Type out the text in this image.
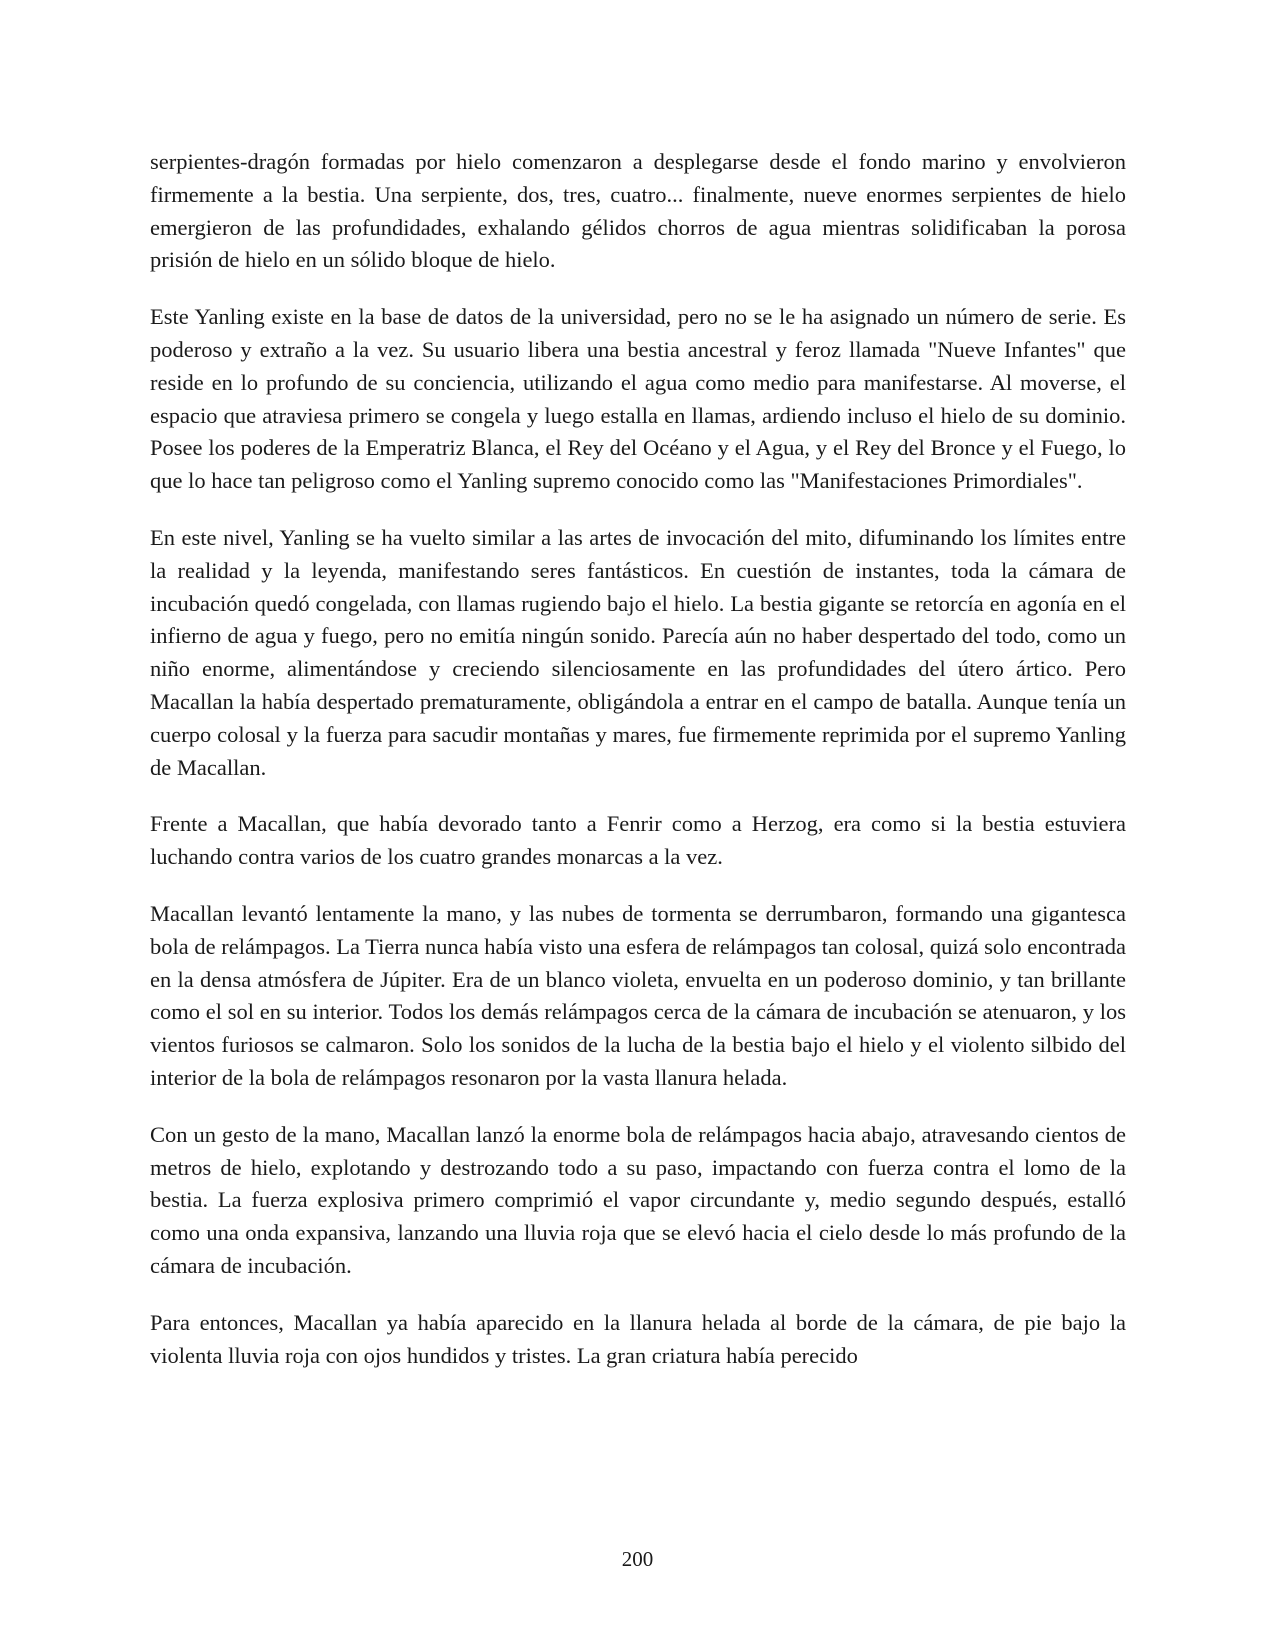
serpientes-dragón formadas por hielo comenzaron a desplegarse desde el fondo marino y envolvieron firmemente a la bestia. Una serpiente, dos, tres, cuatro... finalmente, nueve enormes serpientes de hielo emergieron de las profundidades, exhalando gélidos chorros de agua mientras solidificaban la porosa prisión de hielo en un sólido bloque de hielo.

Este Yanling existe en la base de datos de la universidad, pero no se le ha asignado un número de serie. Es poderoso y extraño a la vez. Su usuario libera una bestia ancestral y feroz llamada "Nueve Infantes" que reside en lo profundo de su conciencia, utilizando el agua como medio para manifestarse. Al moverse, el espacio que atraviesa primero se congela y luego estalla en llamas, ardiendo incluso el hielo de su dominio. Posee los poderes de la Emperatriz Blanca, el Rey del Océano y el Agua, y el Rey del Bronce y el Fuego, lo que lo hace tan peligroso como el Yanling supremo conocido como las "Manifestaciones Primordiales".

En este nivel, Yanling se ha vuelto similar a las artes de invocación del mito, difuminando los límites entre la realidad y la leyenda, manifestando seres fantásticos. En cuestión de instantes, toda la cámara de incubación quedó congelada, con llamas rugiendo bajo el hielo. La bestia gigante se retorcía en agonía en el infierno de agua y fuego, pero no emitía ningún sonido. Parecía aún no haber despertado del todo, como un niño enorme, alimentándose y creciendo silenciosamente en las profundidades del útero ártico. Pero Macallan la había despertado prematuramente, obligándola a entrar en el campo de batalla. Aunque tenía un cuerpo colosal y la fuerza para sacudir montañas y mares, fue firmemente reprimida por el supremo Yanling de Macallan.

Frente a Macallan, que había devorado tanto a Fenrir como a Herzog, era como si la bestia estuviera luchando contra varios de los cuatro grandes monarcas a la vez.

Macallan levantó lentamente la mano, y las nubes de tormenta se derrumbaron, formando una gigantesca bola de relámpagos. La Tierra nunca había visto una esfera de relámpagos tan colosal, quizá solo encontrada en la densa atmósfera de Júpiter. Era de un blanco violeta, envuelta en un poderoso dominio, y tan brillante como el sol en su interior. Todos los demás relámpagos cerca de la cámara de incubación se atenuaron, y los vientos furiosos se calmaron. Solo los sonidos de la lucha de la bestia bajo el hielo y el violento silbido del interior de la bola de relámpagos resonaron por la vasta llanura helada.

Con un gesto de la mano, Macallan lanzó la enorme bola de relámpagos hacia abajo, atravesando cientos de metros de hielo, explotando y destrozando todo a su paso, impactando con fuerza contra el lomo de la bestia. La fuerza explosiva primero comprimió el vapor circundante y, medio segundo después, estalló como una onda expansiva, lanzando una lluvia roja que se elevó hacia el cielo desde lo más profundo de la cámara de incubación.

Para entonces, Macallan ya había aparecido en la llanura helada al borde de la cámara, de pie bajo la violenta lluvia roja con ojos hundidos y tristes. La gran criatura había perecido

200
